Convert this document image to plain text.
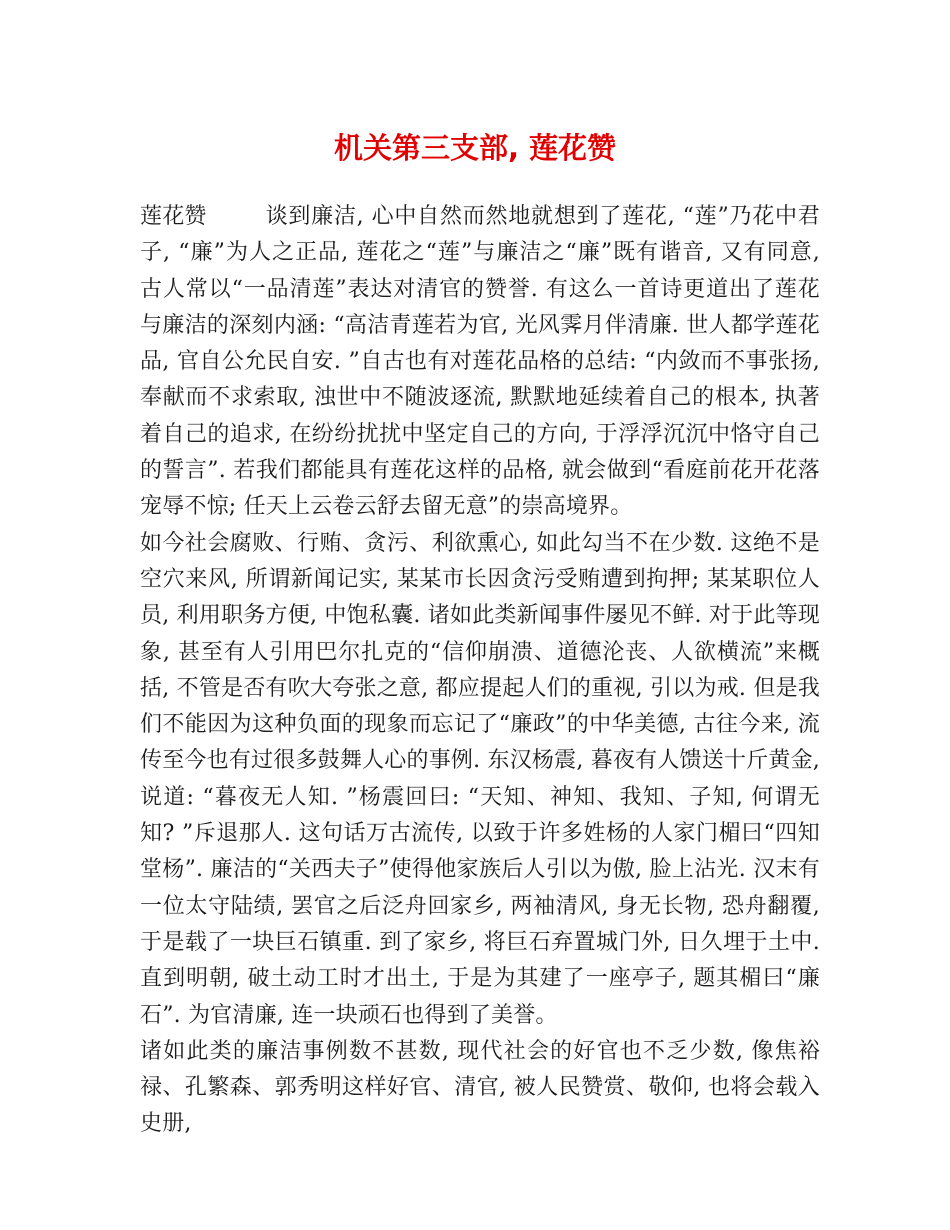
机关第三支部, 莲花赞

莲花赞	谈到廉洁, 心中自然而然地就想到了莲花, “莲”乃花中君子, “廉”为人之正品, 莲花之“莲”与廉洁之“廉”既有谐音, 又有同意, 古人常以“一品清莲”表达对清官的赞誉. 有这么一首诗更道出了莲花与廉洁的深刻内涵: “高洁青莲若为官, 光风霁月伴清廉. 世人都学莲花品, 官自公允民自安. ”自古也有对莲花品格的总结: “内敛而不事张扬, 奉献而不求索取, 浊世中不随波逐流, 默默地延续着自己的根本, 执著着自己的追求, 在纷纷扰扰中坚定自己的方向, 于浮浮沉沉中恪守自己的誓言”. 若我们都能具有莲花这样的品格, 就会做到“看庭前花开花落宠辱不惊; 任天上云卷云舒去留无意”的崇高境界。

如今社会腐败、行贿、贪污、利欲熏心, 如此勾当不在少数. 这绝不是空穴来风, 所谓新闻记实, 某某市长因贪污受贿遭到拘押; 某某职位人员, 利用职务方便, 中饱私囊. 诸如此类新闻事件屡见不鲜. 对于此等现象, 甚至有人引用巴尔扎克的“信仰崩溃、道德沦丧、人欲横流”来概括, 不管是否有吹大夸张之意, 都应提起人们的重视, 引以为戒. 但是我们不能因为这种负面的现象而忘记了“廉政”的中华美德, 古往今来, 流传至今也有过很多鼓舞人心的事例. 东汉杨震, 暮夜有人馈送十斤黄金, 说道: “暮夜无人知. ”杨震回曰: “天知、神知、我知、子知, 何谓无知? ”斥退那人. 这句话万古流传, 以致于许多姓杨的人家门楣曰“四知堂杨”. 廉洁的“关西夫子”使得他家族后人引以为傲, 脸上沾光. 汉末有一位太守陆绩, 罢官之后泛舟回家乡, 两袖清风, 身无长物, 恐舟翻覆, 于是载了一块巨石镇重. 到了家乡, 将巨石弃置城门外, 日久埋于土中. 直到明朝, 破土动工时才出土, 于是为其建了一座亭子, 题其楣曰“廉石”. 为官清廉, 连一块顽石也得到了美誉。

诸如此类的廉洁事例数不甚数, 现代社会的好官也不乏少数, 像焦裕禄、孔繁森、郭秀明这样好官、清官, 被人民赞赏、敬仰, 也将会载入史册,
